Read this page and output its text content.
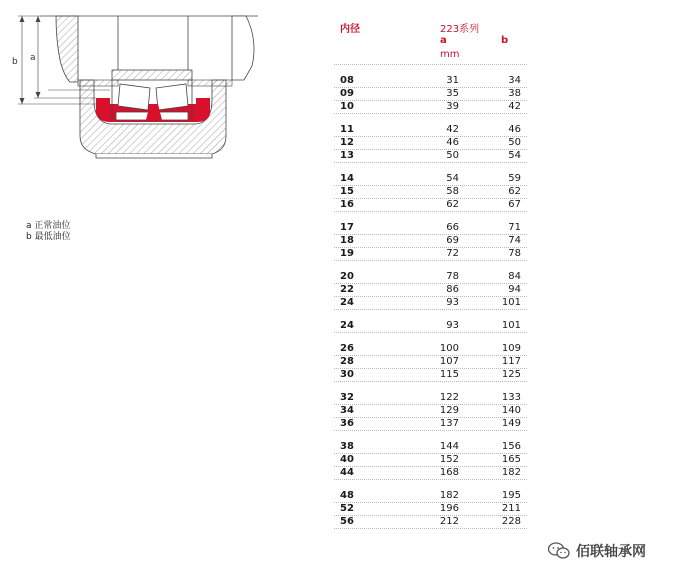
b a
a 正常油位
b 最低油位
内径	223系列
a	b
mm
08	31	34
09	35	38
10	39	42
11	42	46
12	46	50
13	50	54
14	54	59
15	58	62
16	62	67
17	66	71
18	69	74
19	72	78
20	78	84
22	86	94
24	93	101
24	93	101
26	100	109
28	107	117
30	115	125
32	122	133
34	129	140
36	137	149
38	144	156
40	152	165
44	168	182
48	182	195
52	196	211
56	212	228
佰联轴承网
